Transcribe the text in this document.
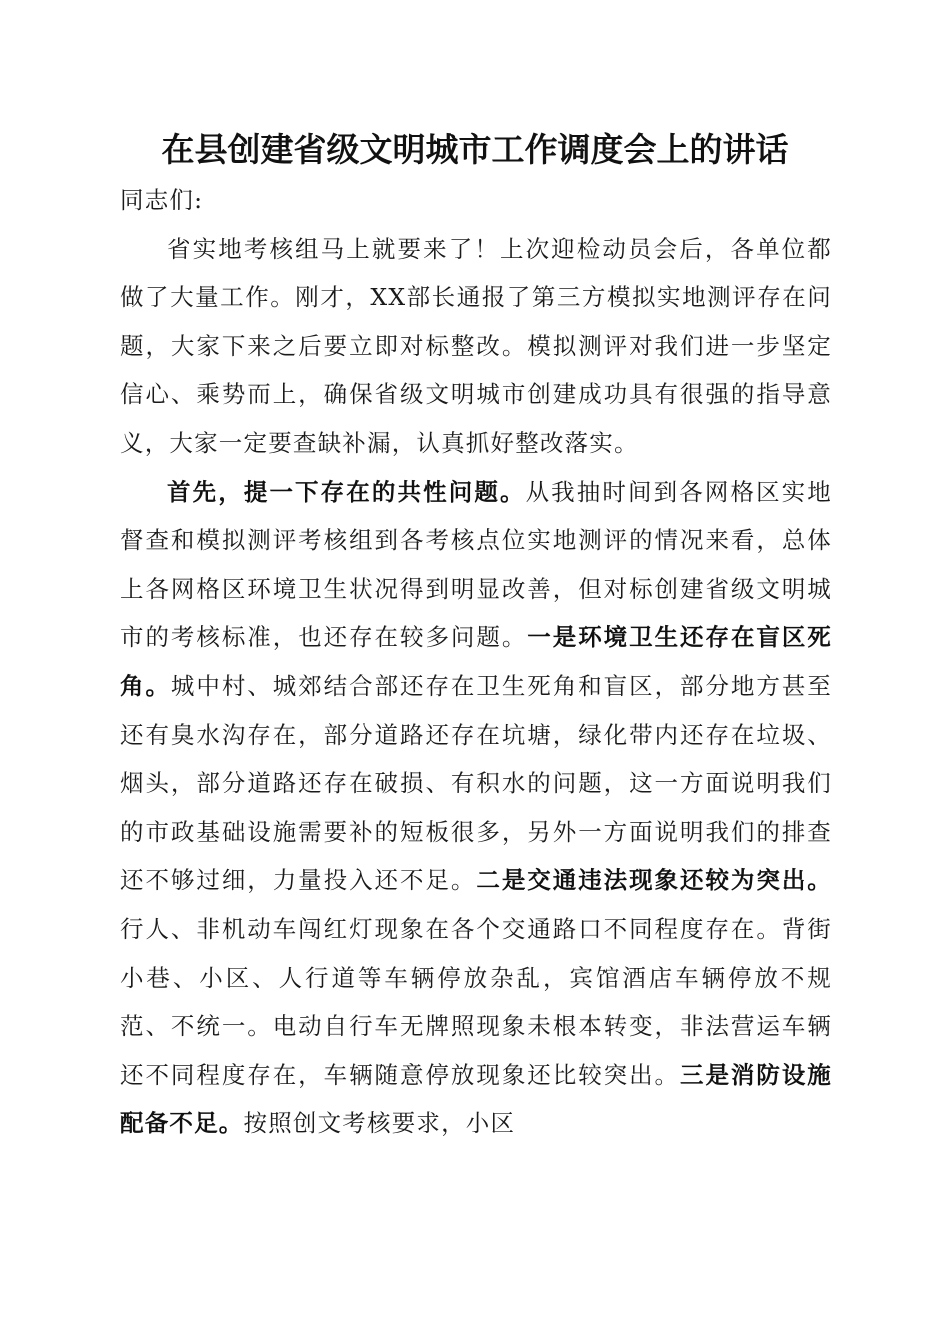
在县创建省级文明城市工作调度会上的讲话

同志们:

省实地考核组马上就要来了！上次迎检动员会后，各单位都做了大量工作。刚才，XX部长通报了第三方模拟实地测评存在问题，大家下来之后要立即对标整改。模拟测评对我们进一步坚定信心、乘势而上，确保省级文明城市创建成功具有很强的指导意义，大家一定要查缺补漏，认真抓好整改落实。

首先，提一下存在的共性问题。从我抽时间到各网格区实地督查和模拟测评考核组到各考核点位实地测评的情况来看，总体上各网格区环境卫生状况得到明显改善，但对标创建省级文明城市的考核标准，也还存在较多问题。一是环境卫生还存在盲区死角。城中村、城郊结合部还存在卫生死角和盲区，部分地方甚至还有臭水沟存在，部分道路还存在坑塘，绿化带内还存在垃圾、烟头，部分道路还存在破损、有积水的问题，这一方面说明我们的市政基础设施需要补的短板很多，另外一方面说明我们的排查还不够过细，力量投入还不足。二是交通违法现象还较为突出。行人、非机动车闯红灯现象在各个交通路口不同程度存在。背街小巷、小区、人行道等车辆停放杂乱，宾馆酒店车辆停放不规范、不统一。电动自行车无牌照现象未根本转变，非法营运车辆还不同程度存在，车辆随意停放现象还比较突出。三是消防设施配备不足。按照创文考核要求，小区
